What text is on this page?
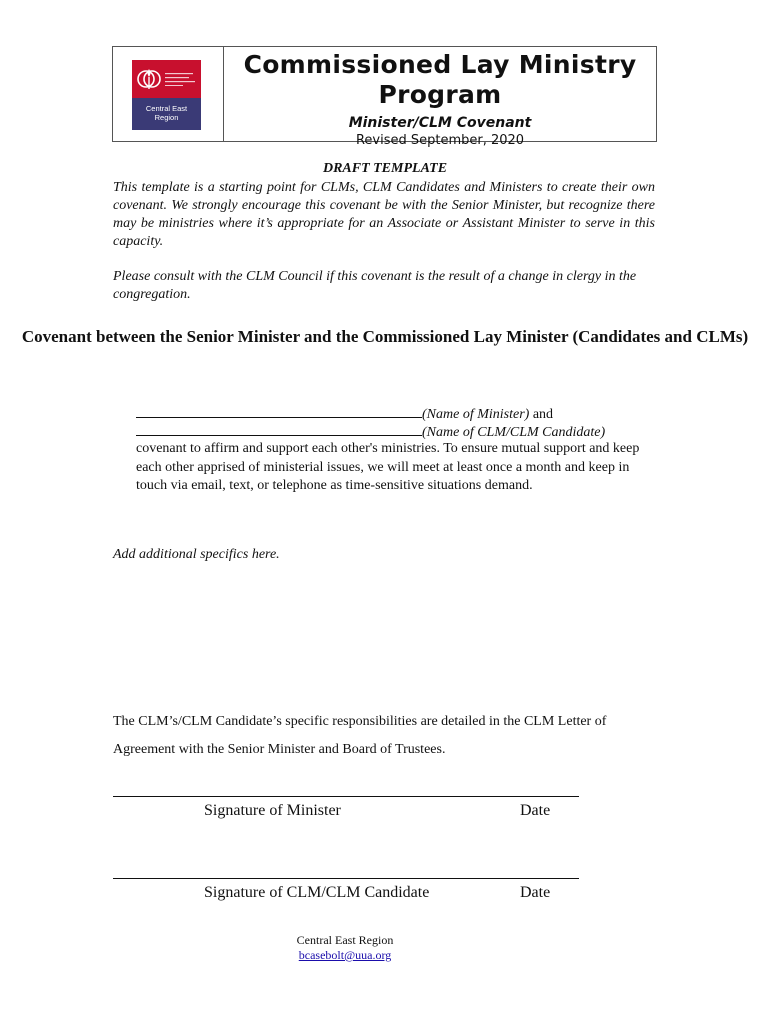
Central East
Region
Commissioned Lay Ministry Program
Minister/CLM Covenant
Revised September, 2020
DRAFT TEMPLATE
This template is a starting point for CLMs, CLM Candidates and Ministers to create their own covenant. We strongly encourage this covenant be with the Senior Minister, but recognize there may be ministries where it’s appropriate for an Associate or Assistant Minister to serve in this capacity.
Please consult with the CLM Council if this covenant is the result of a change in clergy in the congregation.
Covenant between the Senior Minister and the Commissioned Lay Minister (Candidates and CLMs)
(Name of Minister) and
(Name of CLM/CLM Candidate)
covenant to affirm and support each other's ministries. To ensure mutual support and keep each other apprised of ministerial issues, we will meet at least once a month and keep in touch via email, text, or telephone as time-sensitive situations demand.
Add additional specifics here.
The CLM’s/CLM Candidate’s specific responsibilities are detailed in the CLM Letter of Agreement with the Senior Minister and Board of Trustees.
Signature of Minister	Date
Signature of CLM/CLM Candidate	Date
Central East Region
bcasebolt@uua.org
